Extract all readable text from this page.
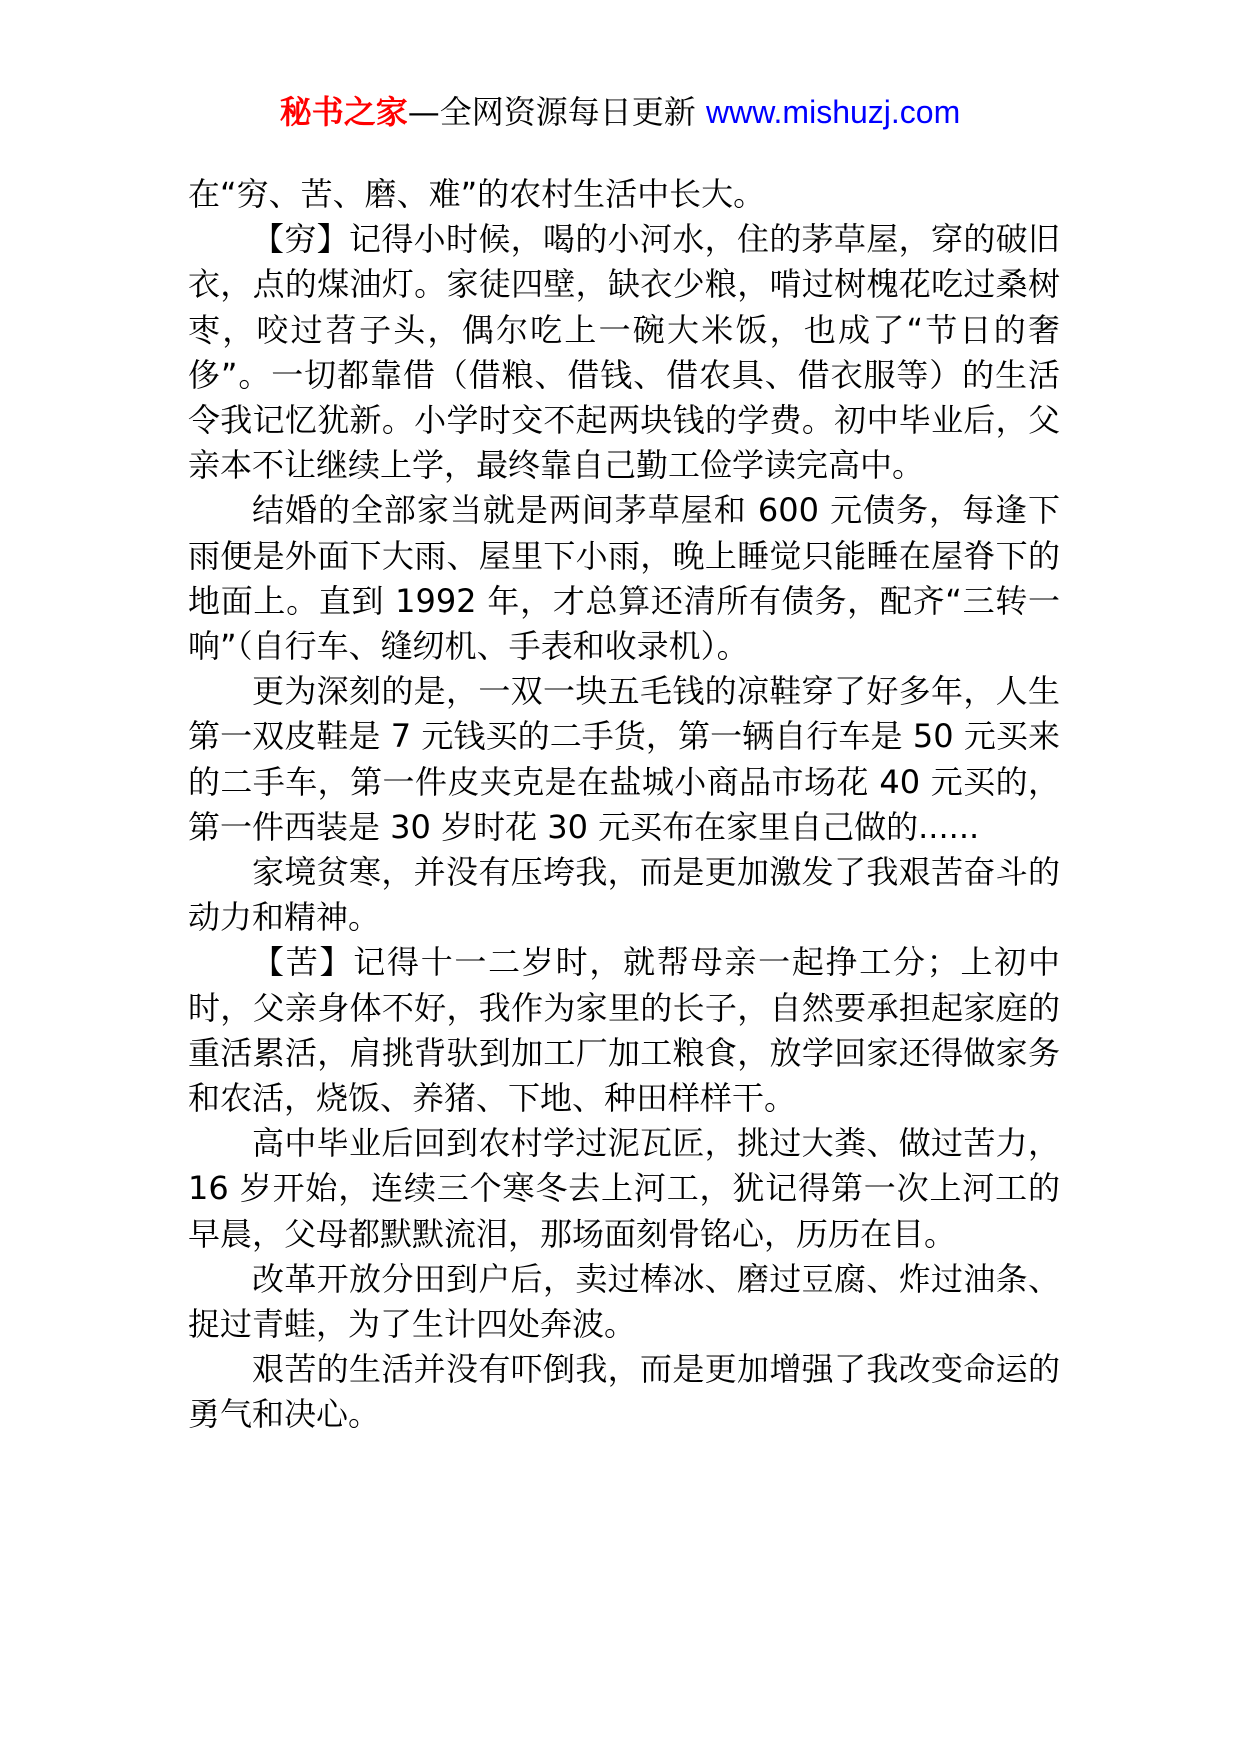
秘书之家—全网资源每日更新 www.mishuzj.com

在“穷、苦、磨、难”的农村生活中长大。

【穷】记得小时候，喝的小河水，住的茅草屋，穿的破旧衣，点的煤油灯。家徒四壁，缺衣少粮，啃过树槐花吃过桑树枣，咬过苕子头，偶尔吃上一碗大米饭，也成了“节日的奢侈”。一切都靠借（借粮、借钱、借农具、借衣服等）的生活令我记忆犹新。小学时交不起两块钱的学费。初中毕业后，父亲本不让继续上学，最终靠自己勤工俭学读完高中。

结婚的全部家当就是两间茅草屋和 600 元债务，每逢下雨便是外面下大雨、屋里下小雨，晚上睡觉只能睡在屋脊下的地面上。直到 1992 年，才总算还清所有债务，配齐“三转一响”（自行车、缝纫机、手表和收录机）。

更为深刻的是，一双一块五毛钱的凉鞋穿了好多年，人生第一双皮鞋是 7 元钱买的二手货，第一辆自行车是 50 元买来的二手车，第一件皮夹克是在盐城小商品市场花 40 元买的，第一件西装是 30 岁时花 30 元买布在家里自己做的......

家境贫寒，并没有压垮我，而是更加激发了我艰苦奋斗的动力和精神。

【苦】记得十一二岁时，就帮母亲一起挣工分；上初中时，父亲身体不好，我作为家里的长子，自然要承担起家庭的重活累活，肩挑背驮到加工厂加工粮食，放学回家还得做家务和农活，烧饭、养猪、下地、种田样样干。

高中毕业后回到农村学过泥瓦匠，挑过大粪、做过苦力，16 岁开始，连续三个寒冬去上河工，犹记得第一次上河工的早晨，父母都默默流泪，那场面刻骨铭心，历历在目。

改革开放分田到户后，卖过棒冰、磨过豆腐、炸过油条、捉过青蛙，为了生计四处奔波。

艰苦的生活并没有吓倒我，而是更加增强了我改变命运的勇气和决心。
